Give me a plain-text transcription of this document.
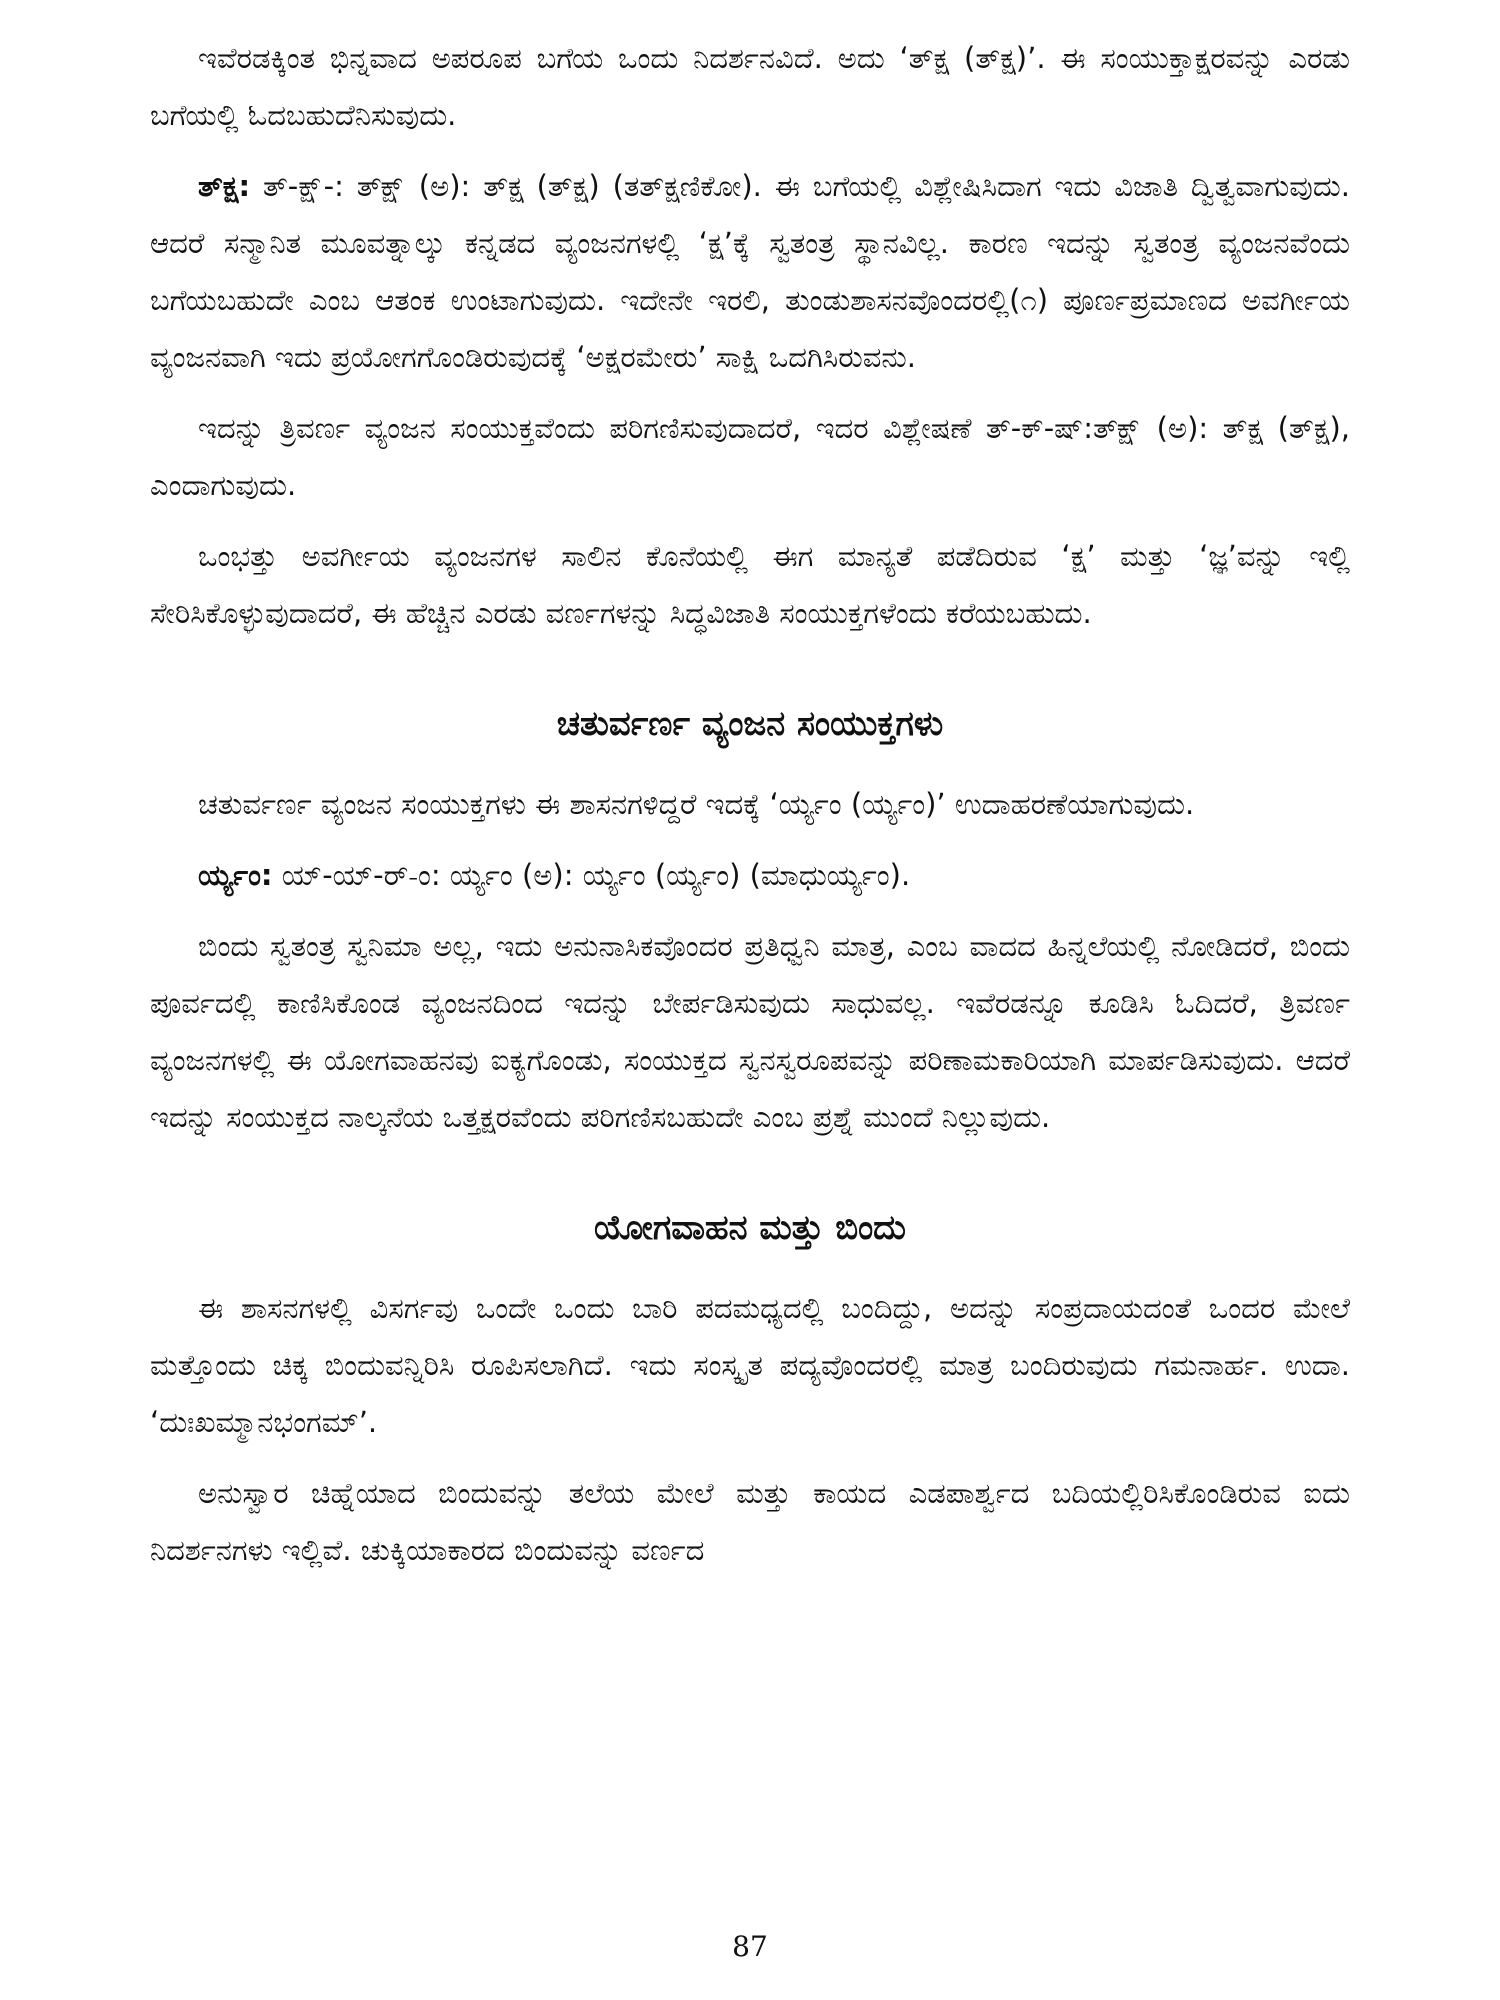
ಇವೆರಡಕ್ಕಿಂತ ಭಿನ್ನವಾದ ಅಪರೂಪ ಬಗೆಯ ಒಂದು ನಿದರ್ಶನವಿದೆ. ಅದು ‘ತ್ಕ್ಷ (ತ್ಕ್ಷ)’. ಈ ಸಂಯುಕ್ತಾಕ್ಷರವನ್ನು ಎರಡು ಬಗೆಯಲ್ಲಿ ಓದಬಹುದೆನಿಸುವುದು.

ತ್ಕ್ಷ: ತ್-ಕ್ಷ್-: ತ್ಕ್ಷ್ (ಅ): ತ್ಕ್ಷ (ತ್ಕ್ಷ) (ತತ್ಕ್ಷಣಿಕೋ). ಈ ಬಗೆಯಲ್ಲಿ ವಿಶ್ಲೇಷಿಸಿದಾಗ ಇದು ವಿಜಾತಿ ದ್ವಿತ್ವವಾಗುವುದು. ಆದರೆ ಸನ್ಮಾನಿತ ಮೂವತ್ನಾಲ್ಕು ಕನ್ನಡದ ವ್ಯಂಜನಗಳಲ್ಲಿ ‘ಕ್ಷ’ಕ್ಕೆ ಸ್ವತಂತ್ರ ಸ್ಥಾನವಿಲ್ಲ. ಕಾರಣ ಇದನ್ನು ಸ್ವತಂತ್ರ ವ್ಯಂಜನವೆಂದು ಬಗೆಯಬಹುದೇ ಎಂಬ ಆತಂಕ ಉಂಟಾಗುವುದು. ಇದೇನೇ ಇರಲಿ, ತುಂಡುಶಾಸನವೊಂದರಲ್ಲಿ(೧) ಪೂರ್ಣಪ್ರಮಾಣದ ಅವರ್ಗೀಯ ವ್ಯಂಜನವಾಗಿ ಇದು ಪ್ರಯೋಗಗೊಂಡಿರುವುದಕ್ಕೆ ‘ಅಕ್ಷರಮೇರು’ ಸಾಕ್ಷಿ ಒದಗಿಸಿರುವನು.

ಇದನ್ನು ತ್ರಿವರ್ಣ ವ್ಯಂಜನ ಸಂಯುಕ್ತವೆಂದು ಪರಿಗಣಿಸುವುದಾದರೆ, ಇದರ ವಿಶ್ಲೇಷಣೆ ತ್-ಕ್-ಷ್:ತ್ಕ್ಷ್ (ಅ): ತ್ಕ್ಷ (ತ್ಕ್ಷ), ಎಂದಾಗುವುದು.

ಒಂಭತ್ತು ಅವರ್ಗೀಯ ವ್ಯಂಜನಗಳ ಸಾಲಿನ ಕೊನೆಯಲ್ಲಿ ಈಗ ಮಾನ್ಯತೆ ಪಡೆದಿರುವ ‘ಕ್ಷ’ ಮತ್ತು ‘ಜ್ಞ’ವನ್ನು ಇಲ್ಲಿ ಸೇರಿಸಿಕೊಳ್ಳುವುದಾದರೆ, ಈ ಹೆಚ್ಚಿನ ಎರಡು ವರ್ಣಗಳನ್ನು ಸಿದ್ಧವಿಜಾತಿ ಸಂಯುಕ್ತಗಳೆಂದು ಕರೆಯಬಹುದು.

ಚತುರ್ವರ್ಣ ವ್ಯಂಜನ ಸಂಯುಕ್ತಗಳು

ಚತುರ್ವರ್ಣ ವ್ಯಂಜನ ಸಂಯುಕ್ತಗಳು ಈ ಶಾಸನಗಳಿದ್ದರೆ ಇದಕ್ಕೆ ‘ರ್ಯ್ಯಂ (ರ್ಯ್ಯಂ)’ ಉದಾಹರಣೆಯಾಗುವುದು.

ರ್ಯ್ಯಂ: ಯ್-ಯ್-ರ್-ಂ: ರ್ಯ್ಯಂ (ಅ): ರ್ಯ್ಯಂ (ರ್ಯ್ಯಂ) (ಮಾಧುರ್ಯ್ಯಂ).

ಬಿಂದು ಸ್ವತಂತ್ರ ಸ್ವನಿಮಾ ಅಲ್ಲ, ಇದು ಅನುನಾಸಿಕವೊಂದರ ಪ್ರತಿಧ್ವನಿ ಮಾತ್ರ, ಎಂಬ ವಾದದ ಹಿನ್ನಲೆಯಲ್ಲಿ ನೋಡಿದರೆ, ಬಿಂದು ಪೂರ್ವದಲ್ಲಿ ಕಾಣಿಸಿಕೊಂಡ ವ್ಯಂಜನದಿಂದ ಇದನ್ನು ಬೇರ್ಪಡಿಸುವುದು ಸಾಧುವಲ್ಲ. ಇವೆರಡನ್ನೂ ಕೂಡಿಸಿ ಓದಿದರೆ, ತ್ರಿವರ್ಣ ವ್ಯಂಜನಗಳಲ್ಲಿ ಈ ಯೋಗವಾಹನವು ಐಕ್ಯಗೊಂಡು, ಸಂಯುಕ್ತದ ಸ್ವನಸ್ವರೂಪವನ್ನು ಪರಿಣಾಮಕಾರಿಯಾಗಿ ಮಾರ್ಪಡಿಸುವುದು. ಆದರೆ ಇದನ್ನು ಸಂಯುಕ್ತದ ನಾಲ್ಕನೆಯ ಒತ್ತಕ್ಷರವೆಂದು ಪರಿಗಣಿಸಬಹುದೇ ಎಂಬ ಪ್ರಶ್ನೆ ಮುಂದೆ ನಿಲ್ಲುವುದು.

ಯೋಗವಾಹನ ಮತ್ತು ಬಿಂದು

ಈ ಶಾಸನಗಳಲ್ಲಿ ವಿಸರ್ಗವು ಒಂದೇ ಒಂದು ಬಾರಿ ಪದಮಧ್ಯದಲ್ಲಿ ಬಂದಿದ್ದು, ಅದನ್ನು ಸಂಪ್ರದಾಯದಂತೆ ಒಂದರ ಮೇಲೆ ಮತ್ತೊಂದು ಚಿಕ್ಕ ಬಿಂದುವನ್ನಿರಿಸಿ ರೂಪಿಸಲಾಗಿದೆ. ಇದು ಸಂಸ್ಕೃತ ಪದ್ಯವೊಂದರಲ್ಲಿ ಮಾತ್ರ ಬಂದಿರುವುದು ಗಮನಾರ್ಹ. ಉದಾ. ‘ದುಃಖಮ್ಮಾನಭಂಗಮ್’.

ಅನುಸ್ವಾರ ಚಿಹ್ನೆಯಾದ ಬಿಂದುವನ್ನು ತಲೆಯ ಮೇಲೆ ಮತ್ತು ಕಾಯದ ಎಡಪಾರ್ಶ್ವದ ಬದಿಯಲ್ಲಿರಿಸಿಕೊಂಡಿರುವ ಐದು ನಿದರ್ಶನಗಳು ಇಲ್ಲಿವೆ. ಚುಕ್ಕಿಯಾಕಾರದ ಬಿಂದುವನ್ನು ವರ್ಣದ

87
